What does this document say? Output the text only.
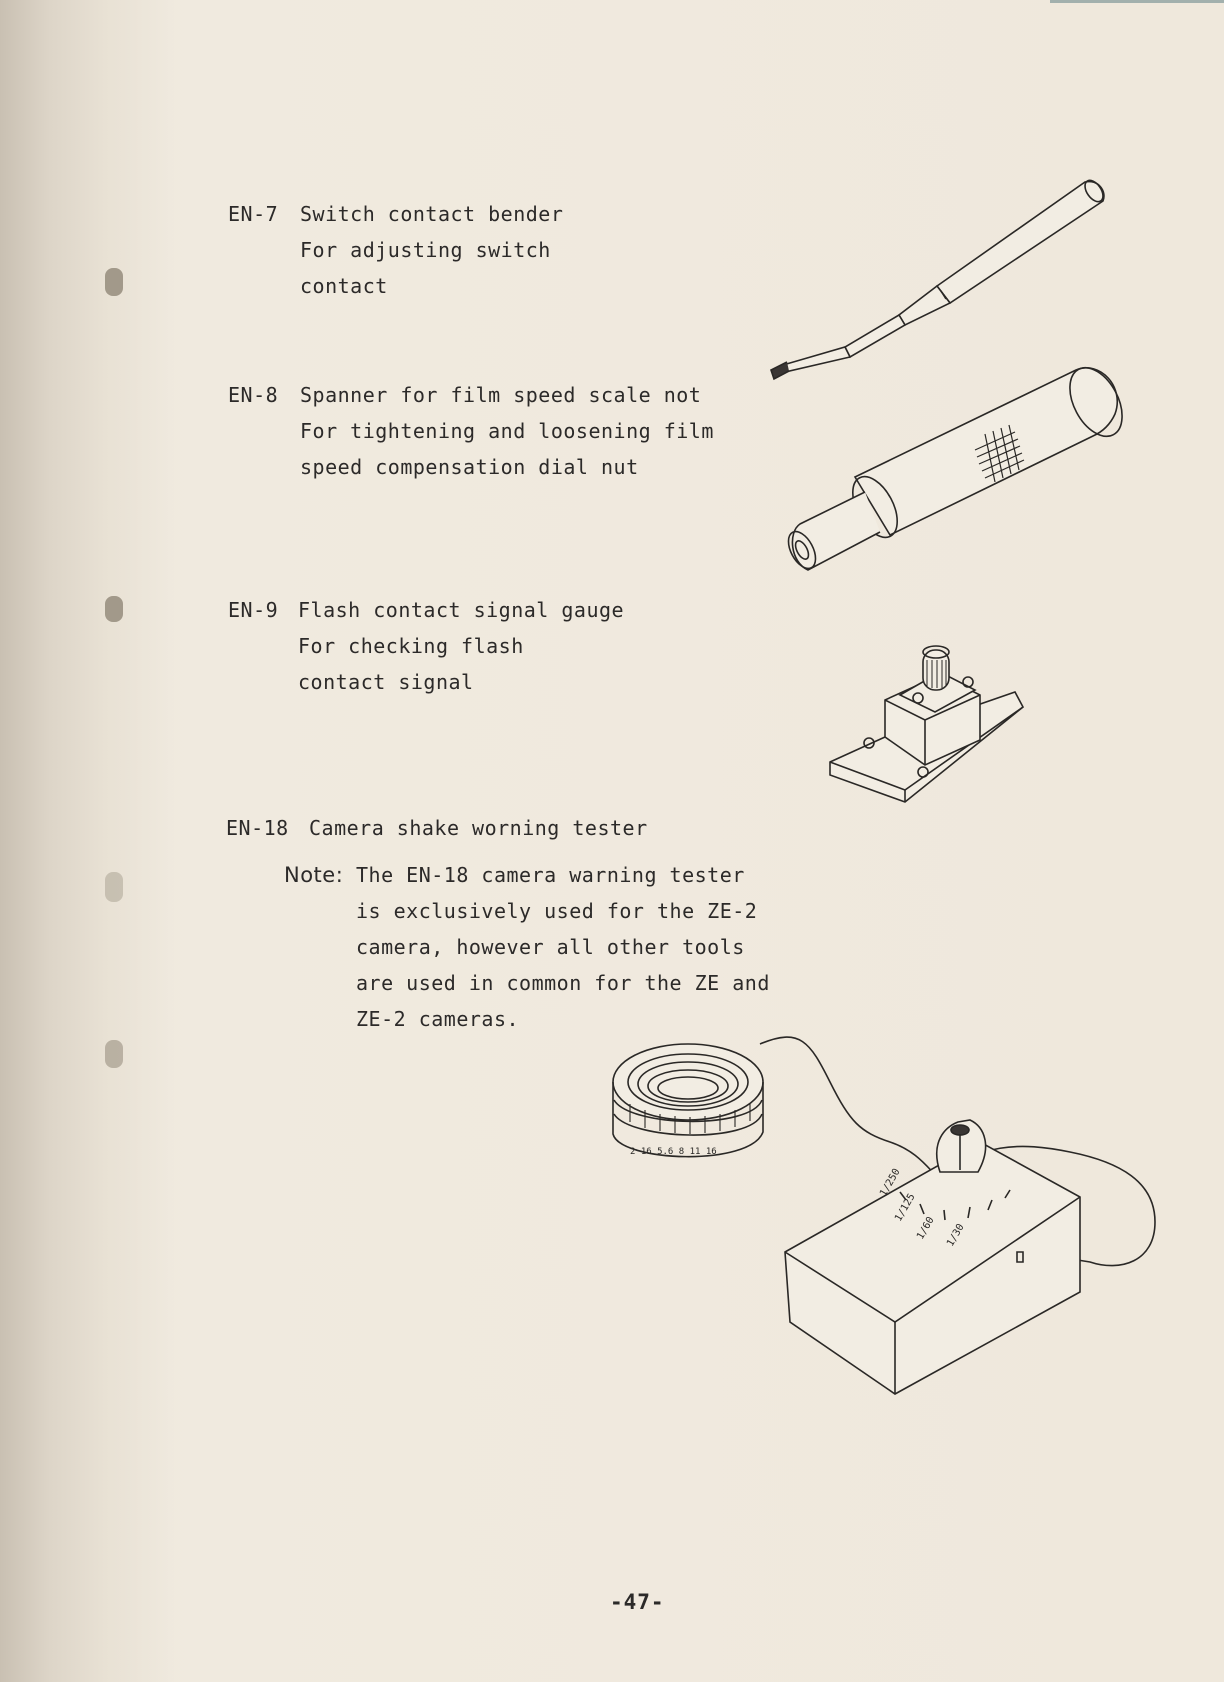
EN-7 Switch contact bender
For adjusting switch
contact
EN-8 Spanner for film speed scale not
For tightening and loosening film
speed compensation dial nut
EN-9 Flash contact signal gauge
For checking flash
contact signal
EN-18 Camera shake worning tester
Note: The EN-18 camera warning tester
is exclusively used for the ZE-2
camera, however all other tools
are used in common for the ZE and
ZE-2 cameras.
2 16 5.6 8 11 16
1/250
1/125
1/60 1/30
-47-
